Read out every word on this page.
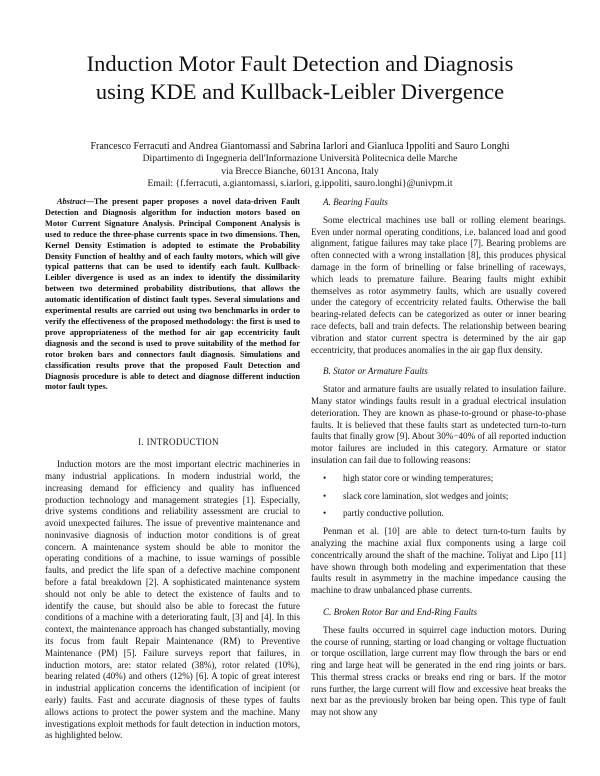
Induction Motor Fault Detection and Diagnosis
using KDE and Kullback-Leibler Divergence
Francesco Ferracuti and Andrea Giantomassi and Sabrina Iarlori and Gianluca Ippoliti and Sauro Longhi
Dipartimento di Ingegneria dell'Informazione Università Politecnica delle Marche
via Brecce Bianche, 60131 Ancona, Italy
Email: {f.ferracuti, a.giantomassi, s.iarlori, g.ippoliti, sauro.longhi}@univpm.it

Abstract—The present paper proposes a novel data-driven Fault Detection and Diagnosis algorithm for induction motors based on Motor Current Signature Analysis. Principal Component Analysis is used to reduce the three-phase currents space in two dimensions. Then, Kernel Density Estimation is adopted to estimate the Probability Density Function of healthy and of each faulty motors, which will give typical patterns that can be used to identify each fault. Kullback-Leibler divergence is used as an index to identify the dissimilarity between two determined probability distributions, that allows the automatic identification of distinct fault types. Several simulations and experimental results are carried out using two benchmarks in order to verify the effectiveness of the proposed methodology: the first is used to prove appropriateness of the method for air gap eccentricity fault diagnosis and the second is used to prove suitability of the method for rotor broken bars and connectors fault diagnosis. Simulations and classification results prove that the proposed Fault Detection and Diagnosis procedure is able to detect and diagnose different induction motor fault types.

I. INTRODUCTION

Induction motors are the most important electric machineries in many industrial applications. In modern industrial world, the increasing demand for efficiency and quality has influenced production technology and management strategies [1]. Especially, drive systems conditions and reliability assessment are crucial to avoid unexpected failures. The issue of preventive maintenance and noninvasive diagnosis of induction motor conditions is of great concern. A maintenance system should be able to monitor the operating conditions of a machine, to issue warnings of possible faults, and predict the life span of a defective machine component before a fatal breakdown [2]. A sophisticated maintenance system should not only be able to detect the existence of faults and to identify the cause, but should also be able to forecast the future conditions of a machine with a deteriorating fault, [3] and [4]. In this context, the maintenance approach has changed substantially, moving its focus from fault Repair Maintenance (RM) to Preventive Maintenance (PM) [5]. Failure surveys report that failures, in induction motors, are: stator related (38%), rotor related (10%), bearing related (40%) and others (12%) [6]. A topic of great interest in industrial application concerns the identification of incipient (or early) faults. Fast and accurate diagnosis of these types of faults allows actions to protect the power system and the machine. Many investigations exploit methods for fault detection in induction motors, as highlighted below.

A. Bearing Faults

Some electrical machines use ball or rolling element bearings. Even under normal operating conditions, i.e. balanced load and good alignment, fatigue failures may take place [7]. Bearing problems are often connected with a wrong installation [8], this produces physical damage in the form of brinelling or false brinelling of raceways, which leads to premature failure. Bearing faults might exhibit themselves as rotor asymmetry faults, which are usually covered under the category of eccentricity related faults. Otherwise the ball bearing-related defects can be categorized as outer or inner bearing race defects, ball and train defects. The relationship between bearing vibration and stator current spectra is determined by the air gap eccentricity, that produces anomalies in the air gap flux density.

B. Stator or Armature Faults

Stator and armature faults are usually related to insulation failure. Many stator windings faults result in a gradual electrical insulation deterioration. They are known as phase-to-ground or phase-to-phase faults. It is believed that these faults start as undetected turn-to-turn faults that finally grow [9]. About 30%−40% of all reported induction motor failures are included in this category. Armature or stator insulation can fail due to following reasons:

• high stator core or winding temperatures;
• slack core lamination, slot wedges and joints;
• partly conductive pollution.

Penman et al. [10] are able to detect turn-to-turn faults by analyzing the machine axial flux components using a large coil concentrically around the shaft of the machine. Toliyat and Lipo [11] have shown through both modeling and experimentation that these faults result in asymmetry in the machine impedance causing the machine to draw unbalanced phase currents.

C. Broken Rotor Bar and End-Ring Faults

These faults occurred in squirrel cage induction motors. During the course of running, starting or load changing or voltage fluctuation or torque oscillation, large current may flow through the bars or end ring and large heat will be generated in the end ring joints or bars. This thermal stress cracks or breaks end ring or bars. If the motor runs further, the large current will flow and excessive heat breaks the next bar as the previously broken bar being open. This type of fault may not show any
